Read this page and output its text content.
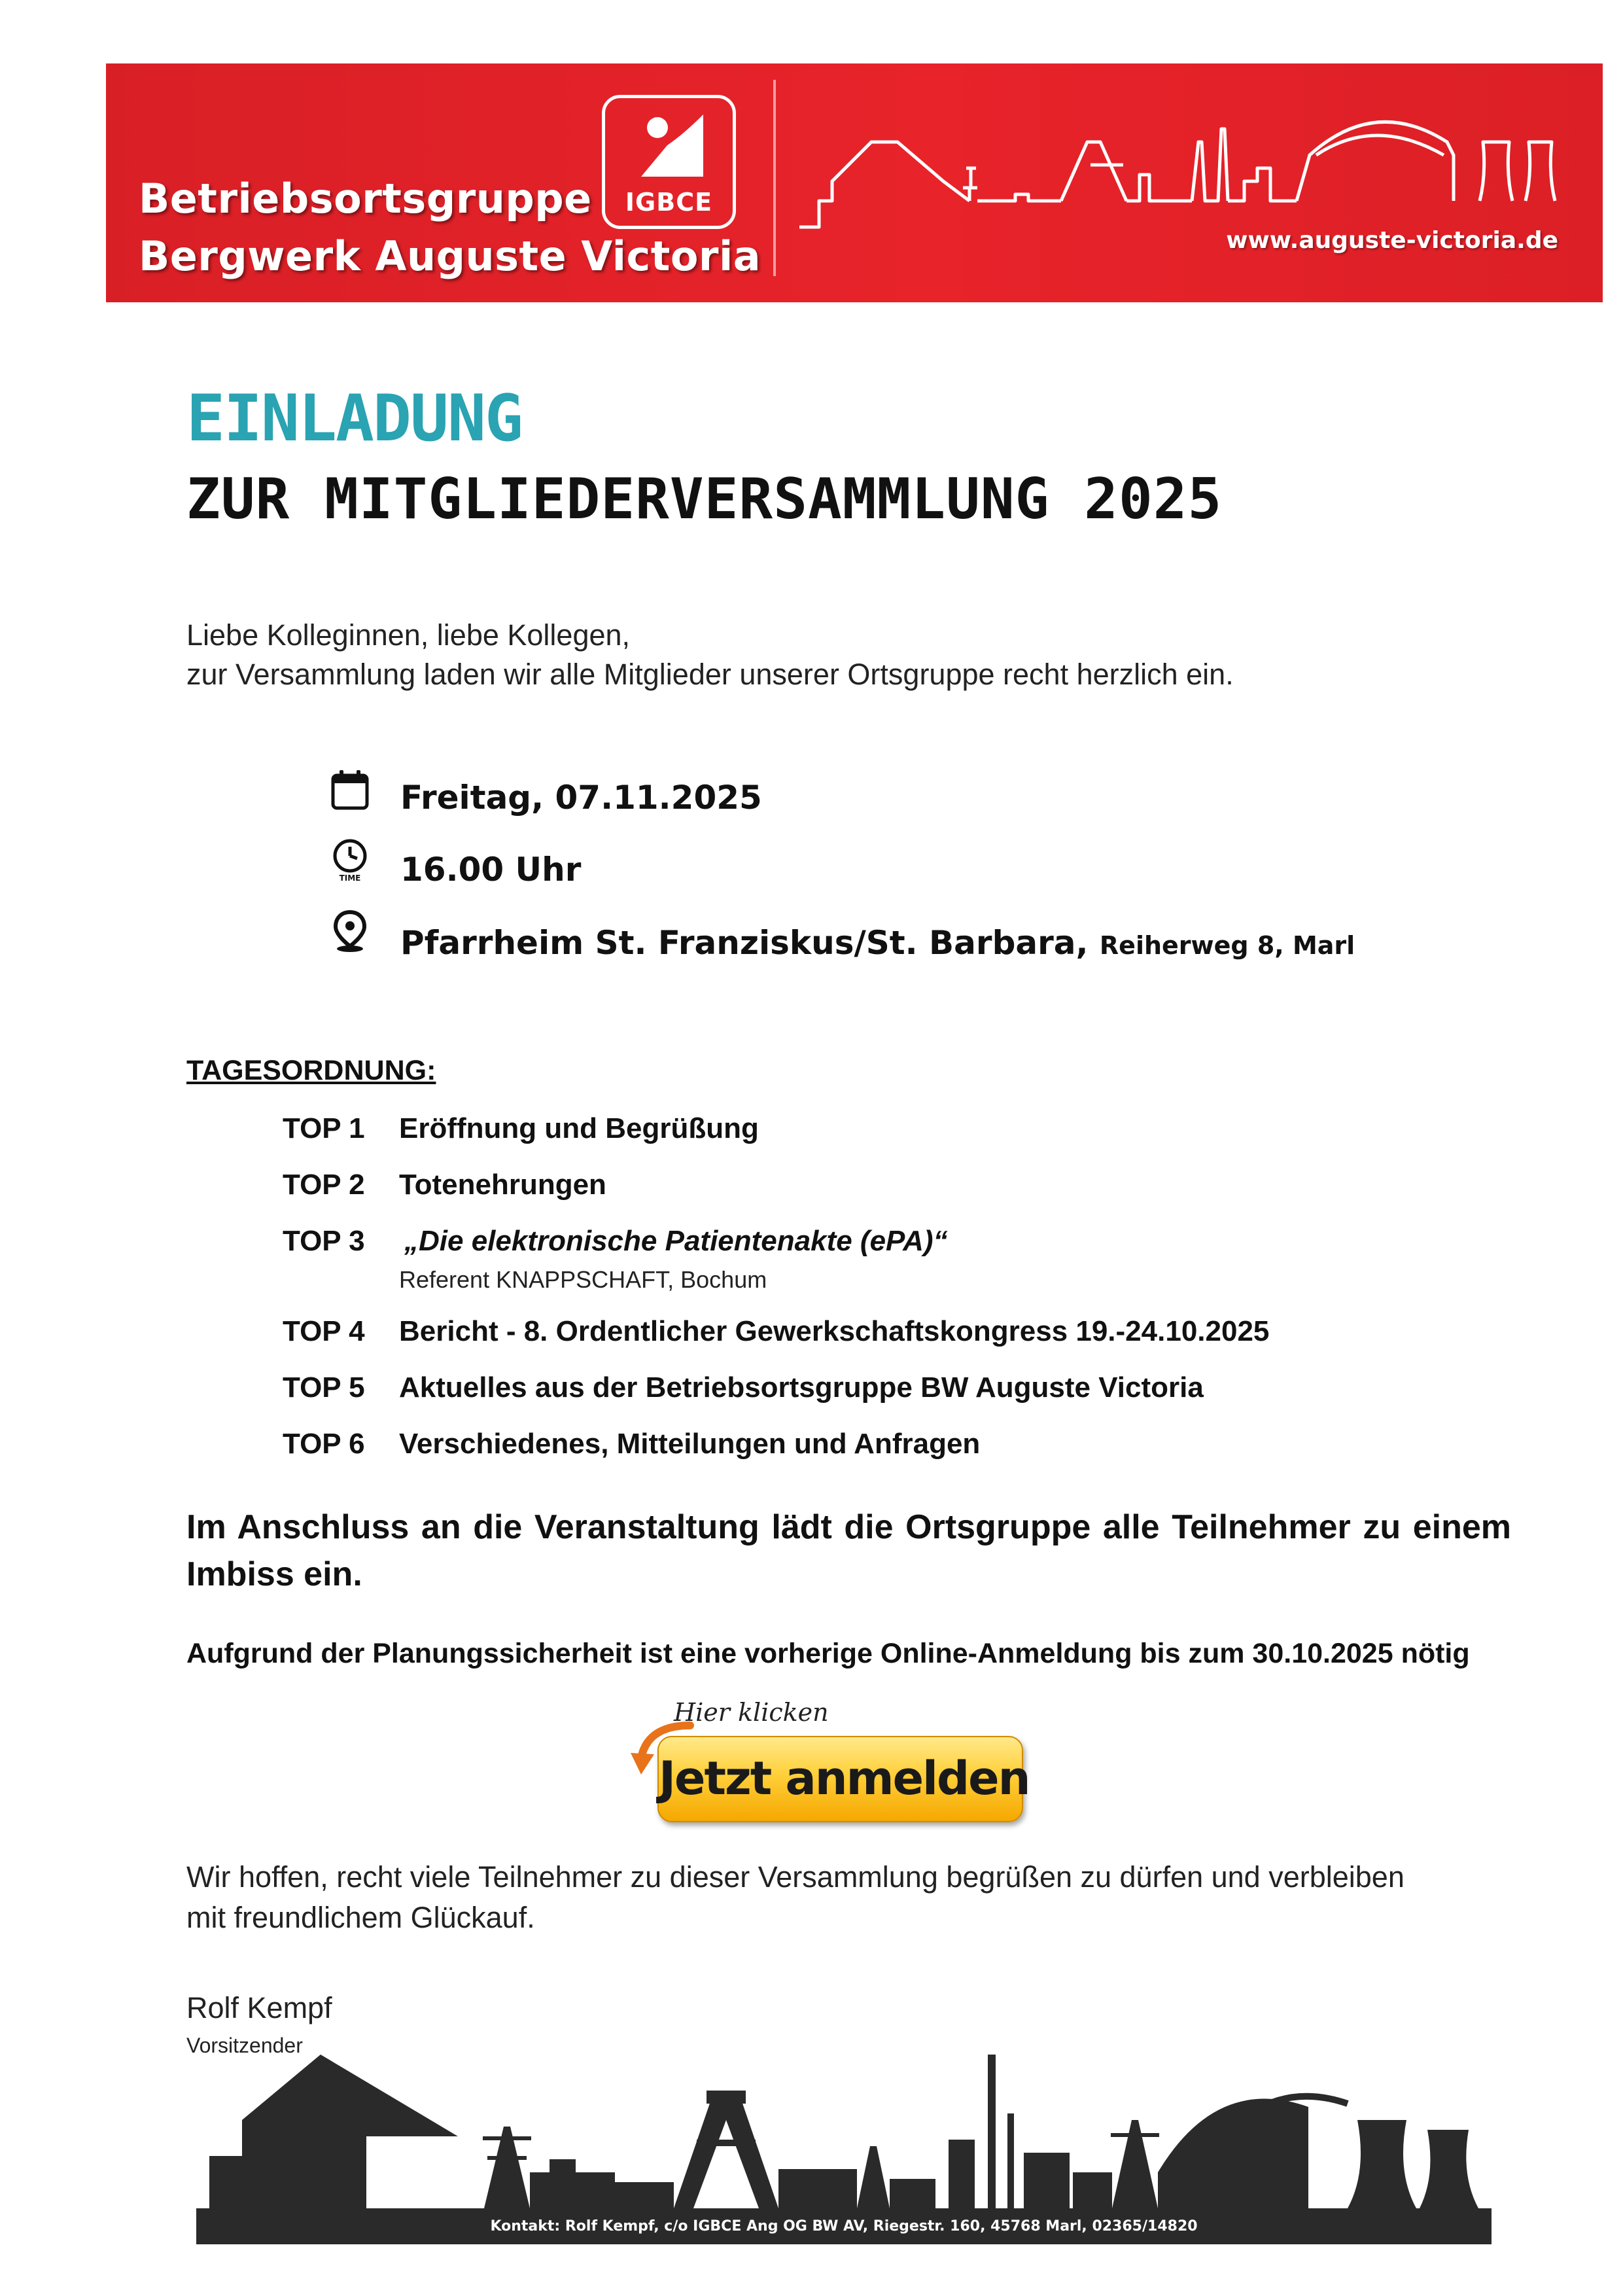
Betriebsortsgruppe
Bergwerk Auguste Victoria
IGBCE
www.auguste-victoria.de
EINLADUNG
ZUR MITGLIEDERVERSAMMLUNG 2025
Liebe Kolleginnen, liebe Kollegen,
zur Versammlung laden wir alle Mitglieder unserer Ortsgruppe recht herzlich ein.
Freitag, 07.11.2025
TIME 16.00 Uhr
Pfarrheim St. Franziskus/St. Barbara, Reiherweg 8, Marl
TAGESORDNUNG:
TOP 1 Eröffnung und Begrüßung
TOP 2 Totenehrungen
TOP 3 „Die elektronische Patientenakte (ePA)“
Referent KNAPPSCHAFT, Bochum
TOP 4 Bericht - 8. Ordentlicher Gewerkschaftskongress 19.-24.10.2025
TOP 5 Aktuelles aus der Betriebsortsgruppe BW Auguste Victoria
TOP 6 Verschiedenes, Mitteilungen und Anfragen
Im Anschluss an die Veranstaltung lädt die Ortsgruppe alle Teilnehmer zu einem Imbiss ein.
Aufgrund der Planungssicherheit ist eine vorherige Online-Anmeldung bis zum 30.10.2025 nötig
Hier klicken
Jetzt anmelden
Wir hoffen, recht viele Teilnehmer zu dieser Versammlung begrüßen zu dürfen und verbleiben
mit freundlichem Glückauf.
Rolf Kempf
Vorsitzender
Kontakt: Rolf Kempf, c/o IGBCE Ang OG BW AV, Riegestr. 160, 45768 Marl, 02365/14820
